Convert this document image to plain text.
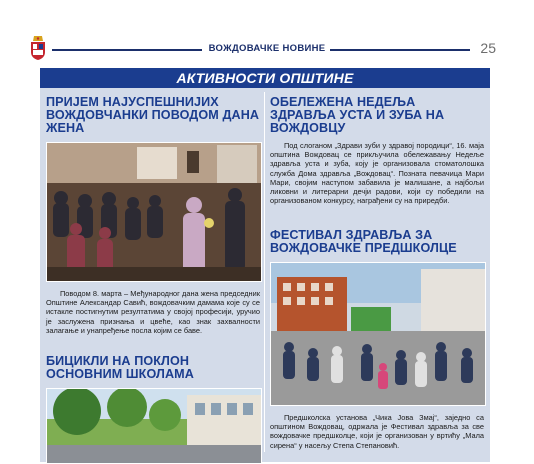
ВОЖДОВАЧКЕ НОВИНЕ	25
АКТИВНОСТИ ОПШТИНЕ
ПРИЈЕМ НАЈУСПЕШНИЈИХ ВОЖДОВЧАНКИ ПОВОДОМ ДАНА ЖЕНА
Поводом 8. марта – Међународног дана жена председник Општине Александар Савић, вождовачким дамама које су се истакле постигнутим резултатима у својој професији, уручио је заслужена признања и цвеће, као знак захвалности залагање и унапређење послa којим се баве.
БИЦИКЛИ НА ПОКЛОН ОСНОВНИМ ШКОЛАМА
ОБЕЛЕЖЕНА НЕДЕЉА ЗДРАВЉА УСТА И ЗУБА НА ВОЖДОВЦУ
Под слоганом „Здрави зуби у здравој породици“, 16. маја општина Вождовац се прикључила обележавању Недеље здравља уста и зуба, коју је организовала стоматолошка служба Дома здравља „Вождовац“. Позната певачица Мари Мари, својим наступом забавила је малишане, а најбољи ликовни и литерарни дечји радови, који су победили на организованом конкурсу, награђени су на приредби.
ФЕСТИВАЛ ЗДРАВЉА ЗА ВОЖДОВАЧКЕ ПРЕДШКОЛЦЕ
Предшколска установа „Чика Јова Змај“, заједно са општином Вождовац, одржала је Фестивал здравља за све вождовачке предшколце, који је организован у вртићу „Мала сирена“ у насељу Степа Степановић.
